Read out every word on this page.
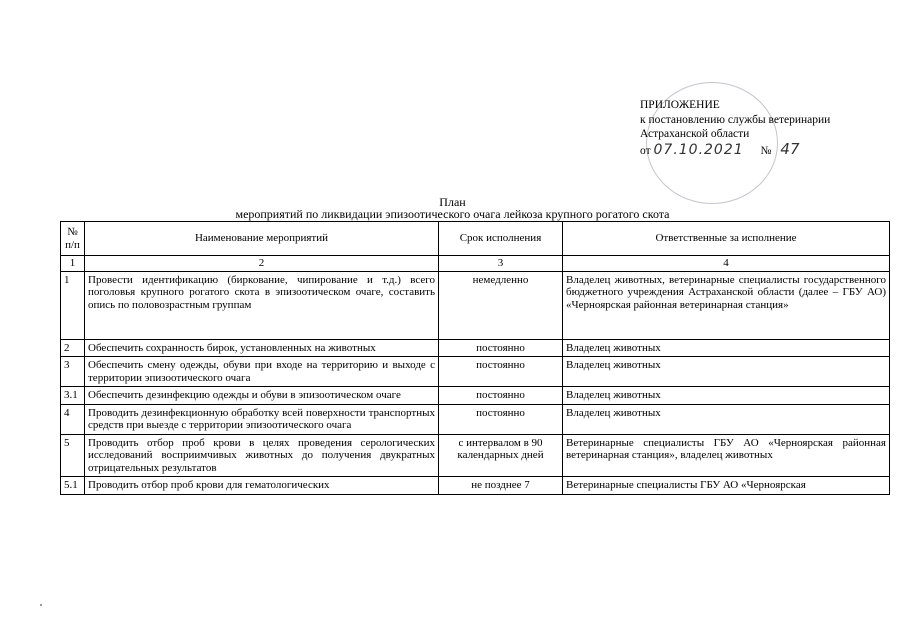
ПРИЛОЖЕНИЕ
к постановлению службы ветеринарии
Астраханской области
от 07.10.2021 № 47
План
мероприятий по ликвидации эпизоотического очага лейкоза крупного рогатого скота
№ п/п	Наименование мероприятий	Срок исполнения	Ответственные за исполнение
1	2	3	4
1	Провести идентификацию (биркование, чипирование и т.д.) всего поголовья крупного рогатого скота в эпизоотическом очаге, составить опись по половозрастным группам	немедленно	Владелец животных, ветеринарные специалисты государственного бюджетного учреждения Астраханской области (далее – ГБУ АО) «Черноярская районная ветеринарная станция»
2	Обеспечить сохранность бирок, установленных на животных	постоянно	Владелец животных
3	Обеспечить смену одежды, обуви при входе на территорию и выходе с территории эпизоотического очага	постоянно	Владелец животных
3.1	Обеспечить дезинфекцию одежды и обуви в эпизоотическом очаге	постоянно	Владелец животных
4	Проводить дезинфекционную обработку всей поверхности транспортных средств при выезде с территории эпизоотического очага	постоянно	Владелец животных
5	Проводить отбор проб крови в целях проведения серологических исследований восприимчивых животных до получения двукратных отрицательных результатов	с интервалом в 90 календарных дней	Ветеринарные специалисты ГБУ АО «Черноярская районная ветеринарная станция», владелец животных
5.1	Проводить отбор проб крови для гематологических	не позднее 7	Ветеринарные специалисты ГБУ АО «Черноярская
